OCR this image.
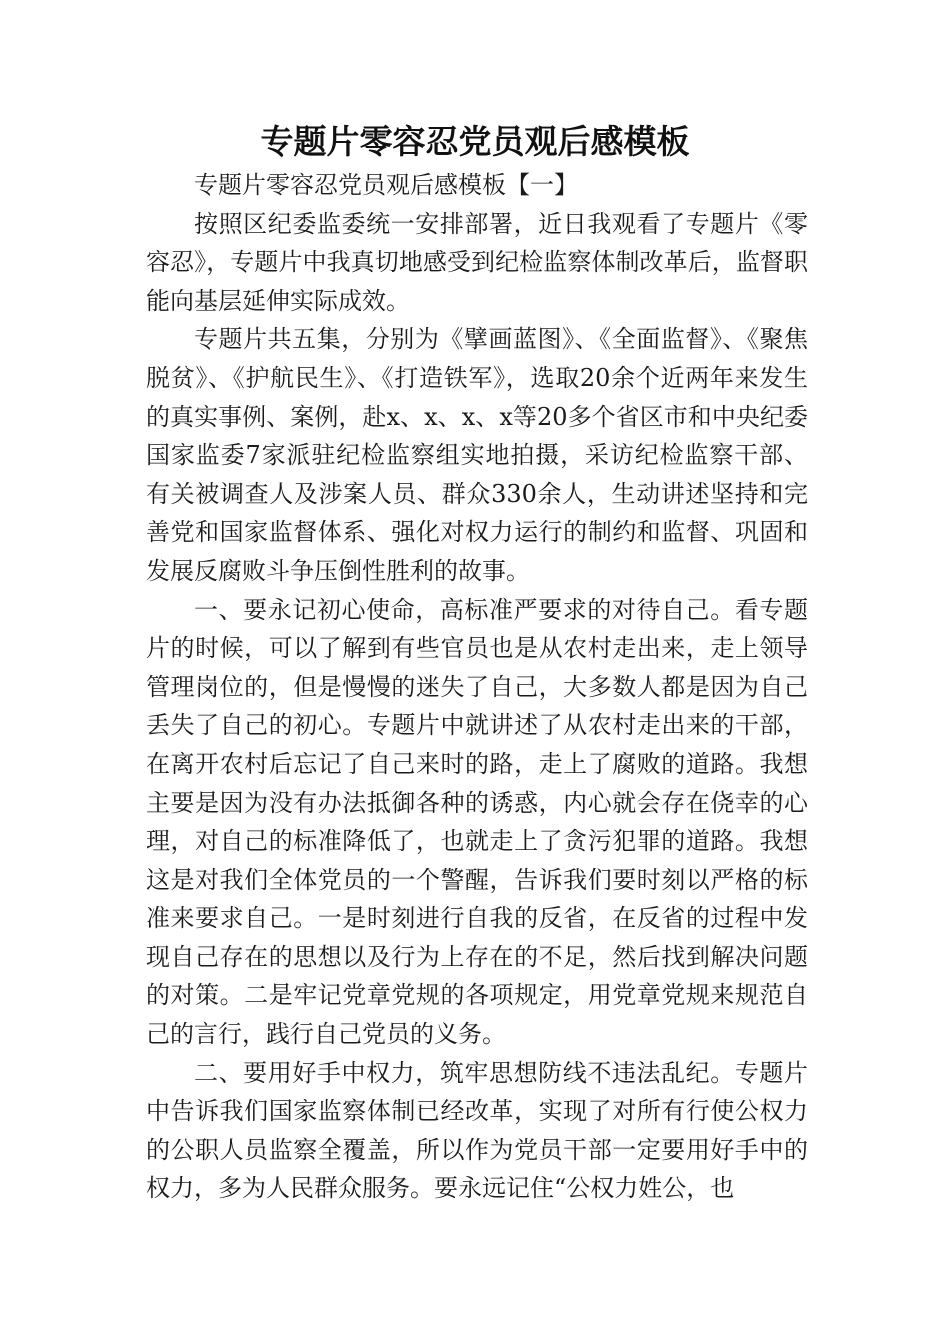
专题片零容忍党员观后感模板

专题片零容忍党员观后感模板【一】

按照区纪委监委统一安排部署，近日我观看了专题片《零容忍》，专题片中我真切地感受到纪检监察体制改革后，监督职能向基层延伸实际成效。

专题片共五集，分别为《擘画蓝图》、《全面监督》、《聚焦脱贫》、《护航民生》、《打造铁军》，选取20余个近两年来发生的真实事例、案例，赴x、x、x、x等20多个省区市和中央纪委国家监委7家派驻纪检监察组实地拍摄，采访纪检监察干部、有关被调查人及涉案人员、群众330余人，生动讲述坚持和完善党和国家监督体系、强化对权力运行的制约和监督、巩固和发展反腐败斗争压倒性胜利的故事。

一、要永记初心使命，高标准严要求的对待自己。看专题片的时候，可以了解到有些官员也是从农村走出来，走上领导管理岗位的，但是慢慢的迷失了自己，大多数人都是因为自己丢失了自己的初心。专题片中就讲述了从农村走出来的干部，在离开农村后忘记了自己来时的路，走上了腐败的道路。我想主要是因为没有办法抵御各种的诱惑，内心就会存在侥幸的心理，对自己的标准降低了，也就走上了贪污犯罪的道路。我想这是对我们全体党员的一个警醒，告诉我们要时刻以严格的标准来要求自己。一是时刻进行自我的反省，在反省的过程中发现自己存在的思想以及行为上存在的不足，然后找到解决问题的对策。二是牢记党章党规的各项规定，用党章党规来规范自己的言行，践行自己党员的义务。

二、要用好手中权力，筑牢思想防线不违法乱纪。专题片中告诉我们国家监察体制已经改革，实现了对所有行使公权力的公职人员监察全覆盖，所以作为党员干部一定要用好手中的权力，多为人民群众服务。要永远记住“公权力姓公，也
